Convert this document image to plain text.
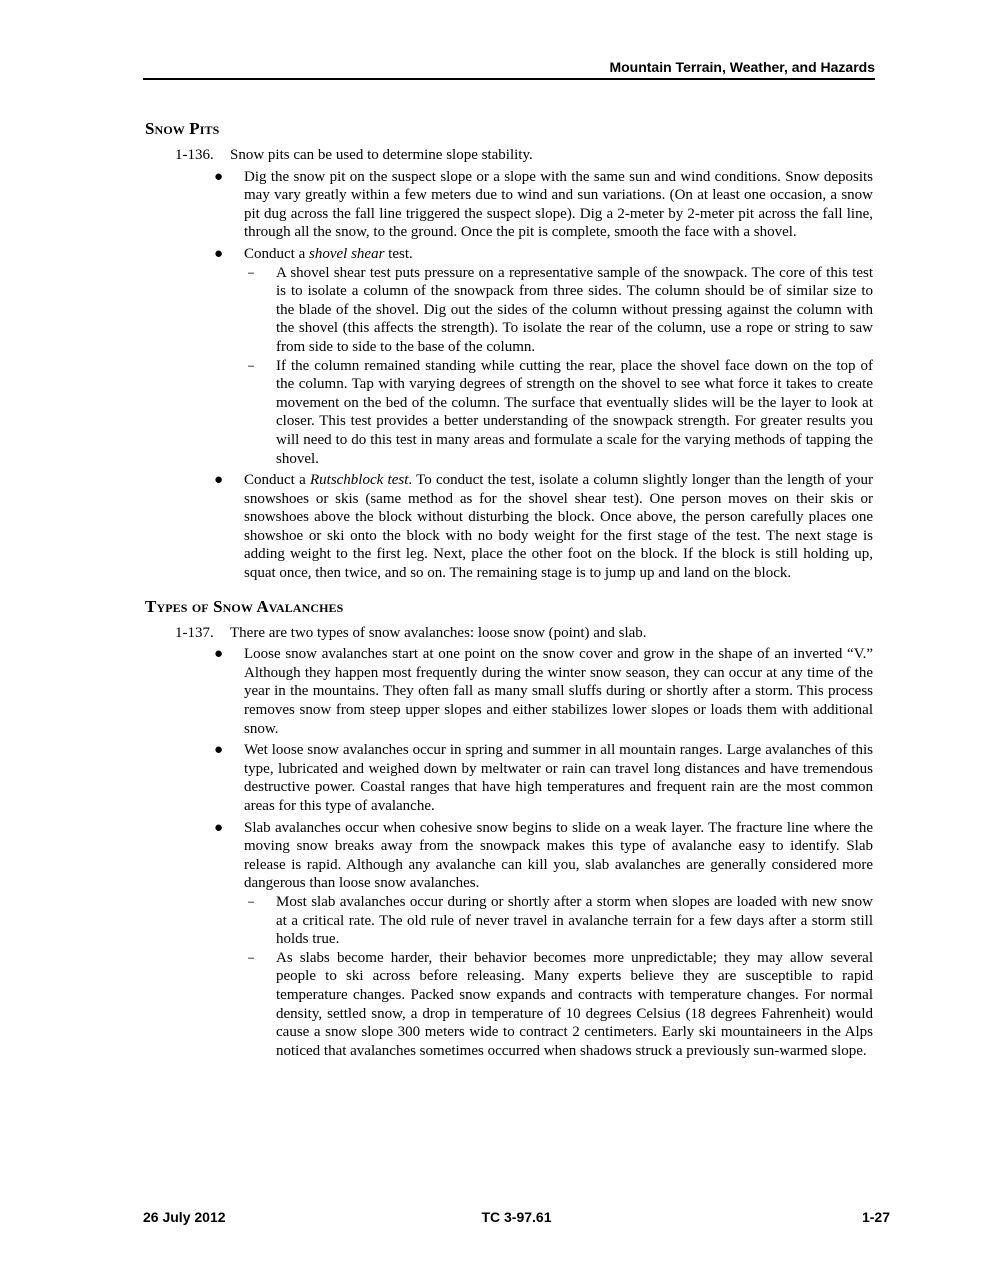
Mountain Terrain, Weather, and Hazards
Snow Pits

1-136. Snow pits can be used to determine slope stability.

● Dig the snow pit on the suspect slope or a slope with the same sun and wind conditions. Snow deposits may vary greatly within a few meters due to wind and sun variations. (On at least one occasion, a snow pit dug across the fall line triggered the suspect slope). Dig a 2-meter by 2-meter pit across the fall line, through all the snow, to the ground. Once the pit is complete, smooth the face with a shovel.
● Conduct a shovel shear test.
– A shovel shear test puts pressure on a representative sample of the snowpack. The core of this test is to isolate a column of the snowpack from three sides. The column should be of similar size to the blade of the shovel. Dig out the sides of the column without pressing against the column with the shovel (this affects the strength). To isolate the rear of the column, use a rope or string to saw from side to side to the base of the column.
– If the column remained standing while cutting the rear, place the shovel face down on the top of the column. Tap with varying degrees of strength on the shovel to see what force it takes to create movement on the bed of the column. The surface that eventually slides will be the layer to look at closer. This test provides a better understanding of the snowpack strength. For greater results you will need to do this test in many areas and formulate a scale for the varying methods of tapping the shovel.
● Conduct a Rutschblock test. To conduct the test, isolate a column slightly longer than the length of your snowshoes or skis (same method as for the shovel shear test). One person moves on their skis or snowshoes above the block without disturbing the block. Once above, the person carefully places one showshoe or ski onto the block with no body weight for the first stage of the test. The next stage is adding weight to the first leg. Next, place the other foot on the block. If the block is still holding up, squat once, then twice, and so on. The remaining stage is to jump up and land on the block.
Types of Snow Avalanches

1-137. There are two types of snow avalanches: loose snow (point) and slab.

● Loose snow avalanches start at one point on the snow cover and grow in the shape of an inverted “V.” Although they happen most frequently during the winter snow season, they can occur at any time of the year in the mountains. They often fall as many small sluffs during or shortly after a storm. This process removes snow from steep upper slopes and either stabilizes lower slopes or loads them with additional snow.
● Wet loose snow avalanches occur in spring and summer in all mountain ranges. Large avalanches of this type, lubricated and weighed down by meltwater or rain can travel long distances and have tremendous destructive power. Coastal ranges that have high temperatures and frequent rain are the most common areas for this type of avalanche.
● Slab avalanches occur when cohesive snow begins to slide on a weak layer. The fracture line where the moving snow breaks away from the snowpack makes this type of avalanche easy to identify. Slab release is rapid. Although any avalanche can kill you, slab avalanches are generally considered more dangerous than loose snow avalanches.
– Most slab avalanches occur during or shortly after a storm when slopes are loaded with new snow at a critical rate. The old rule of never travel in avalanche terrain for a few days after a storm still holds true.
– As slabs become harder, their behavior becomes more unpredictable; they may allow several people to ski across before releasing. Many experts believe they are susceptible to rapid temperature changes. Packed snow expands and contracts with temperature changes. For normal density, settled snow, a drop in temperature of 10 degrees Celsius (18 degrees Fahrenheit) would cause a snow slope 300 meters wide to contract 2 centimeters. Early ski mountaineers in the Alps noticed that avalanches sometimes occurred when shadows struck a previously sun-warmed slope.
26 July 2012	TC 3-97.61	1-27
